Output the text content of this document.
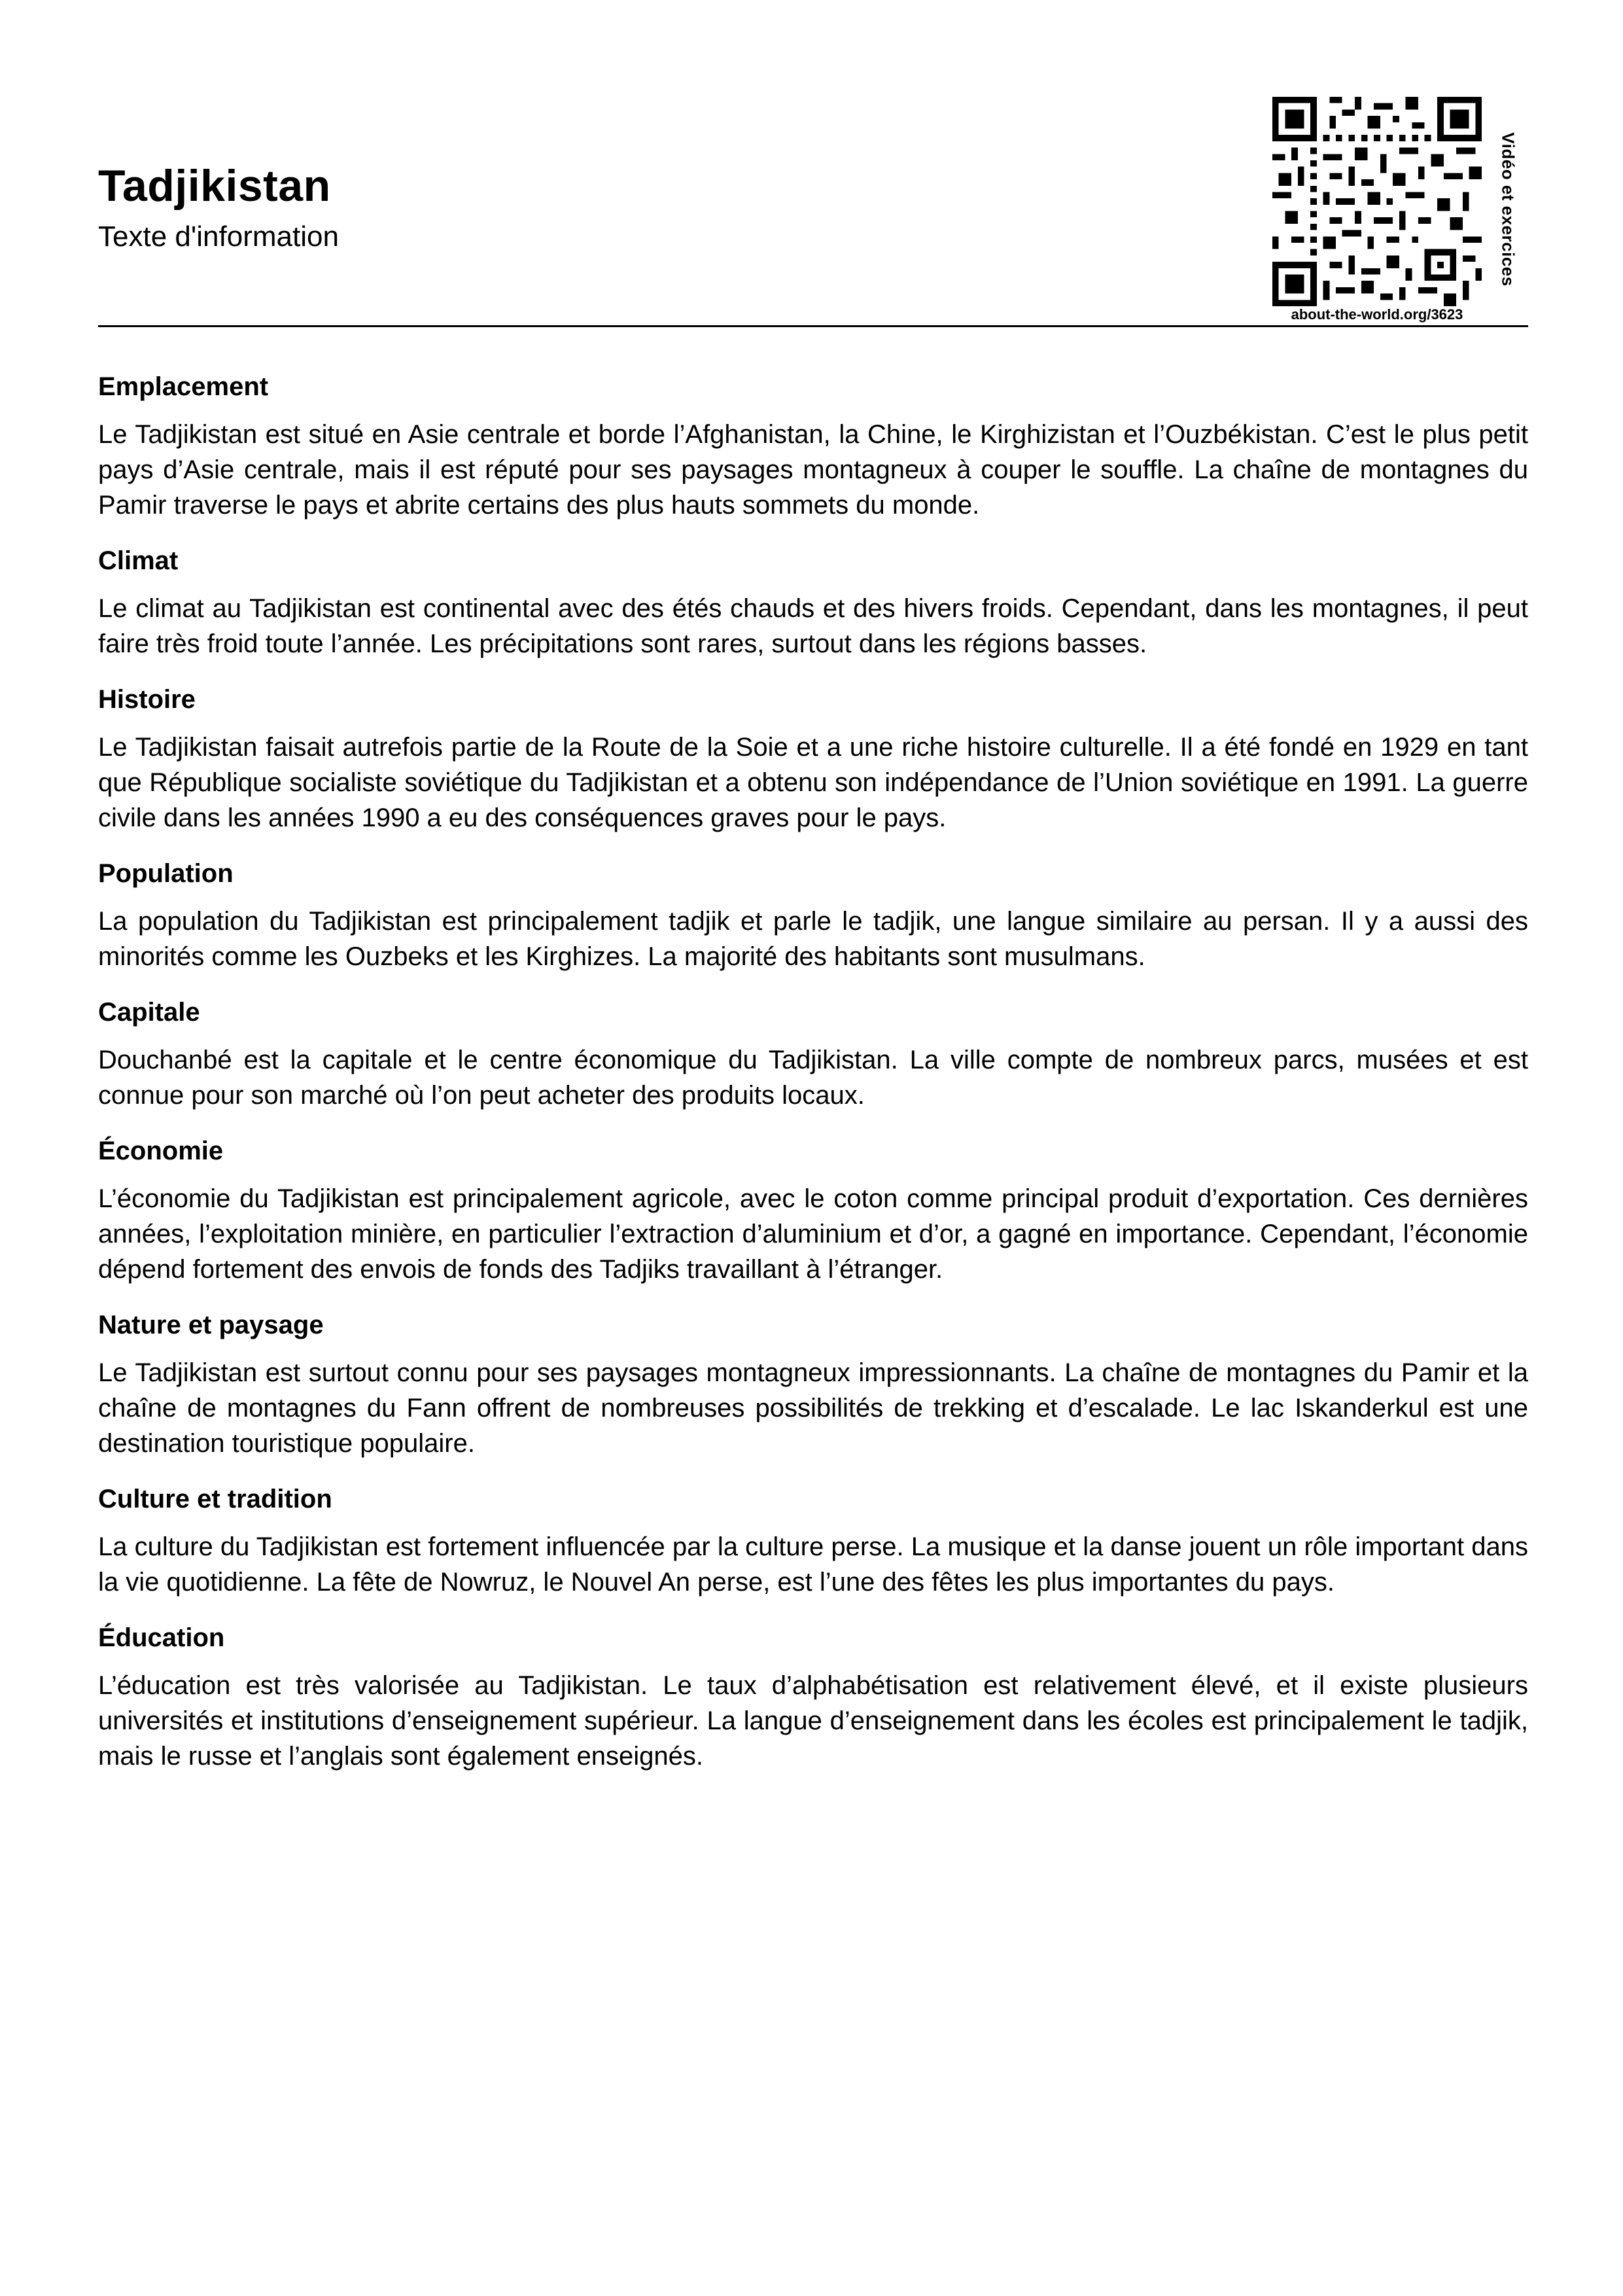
Tadjikistan
Texte d'information	Vidéo et exercices
about-the-world.org/3623
Emplacement

Le Tadjikistan est situé en Asie centrale et borde l’Afghanistan, la Chine, le Kirghizistan et l’Ouzbékistan. C’est le plus petit pays d’Asie centrale, mais il est réputé pour ses paysages montagneux à couper le souffle. La chaîne de montagnes du Pamir traverse le pays et abrite certains des plus hauts sommets du monde.

Climat

Le climat au Tadjikistan est continental avec des étés chauds et des hivers froids. Cependant, dans les montagnes, il peut faire très froid toute l’année. Les précipitations sont rares, surtout dans les régions basses.

Histoire

Le Tadjikistan faisait autrefois partie de la Route de la Soie et a une riche histoire culturelle. Il a été fondé en 1929 en tant que République socialiste soviétique du Tadjikistan et a obtenu son indépendance de l’Union soviétique en 1991. La guerre civile dans les années 1990 a eu des conséquences graves pour le pays.

Population

La population du Tadjikistan est principalement tadjik et parle le tadjik, une langue similaire au persan. Il y a aussi des minorités comme les Ouzbeks et les Kirghizes. La majorité des habitants sont musulmans.

Capitale

Douchanbé est la capitale et le centre économique du Tadjikistan. La ville compte de nombreux parcs, musées et est connue pour son marché où l’on peut acheter des produits locaux.

Économie

L’économie du Tadjikistan est principalement agricole, avec le coton comme principal produit d’exportation. Ces dernières années, l’exploitation minière, en particulier l’extraction d’aluminium et d’or, a gagné en importance. Cependant, l’économie dépend fortement des envois de fonds des Tadjiks travaillant à l’étranger.

Nature et paysage

Le Tadjikistan est surtout connu pour ses paysages montagneux impressionnants. La chaîne de montagnes du Pamir et la chaîne de montagnes du Fann offrent de nombreuses possibilités de trekking et d’escalade. Le lac Iskanderkul est une destination touristique populaire.

Culture et tradition

La culture du Tadjikistan est fortement influencée par la culture perse. La musique et la danse jouent un rôle important dans la vie quotidienne. La fête de Nowruz, le Nouvel An perse, est l’une des fêtes les plus importantes du pays.

Éducation

L’éducation est très valorisée au Tadjikistan. Le taux d’alphabétisation est relativement élevé, et il existe plusieurs universités et institutions d’enseignement supérieur. La langue d’enseignement dans les écoles est principalement le tadjik, mais le russe et l’anglais sont également enseignés.
